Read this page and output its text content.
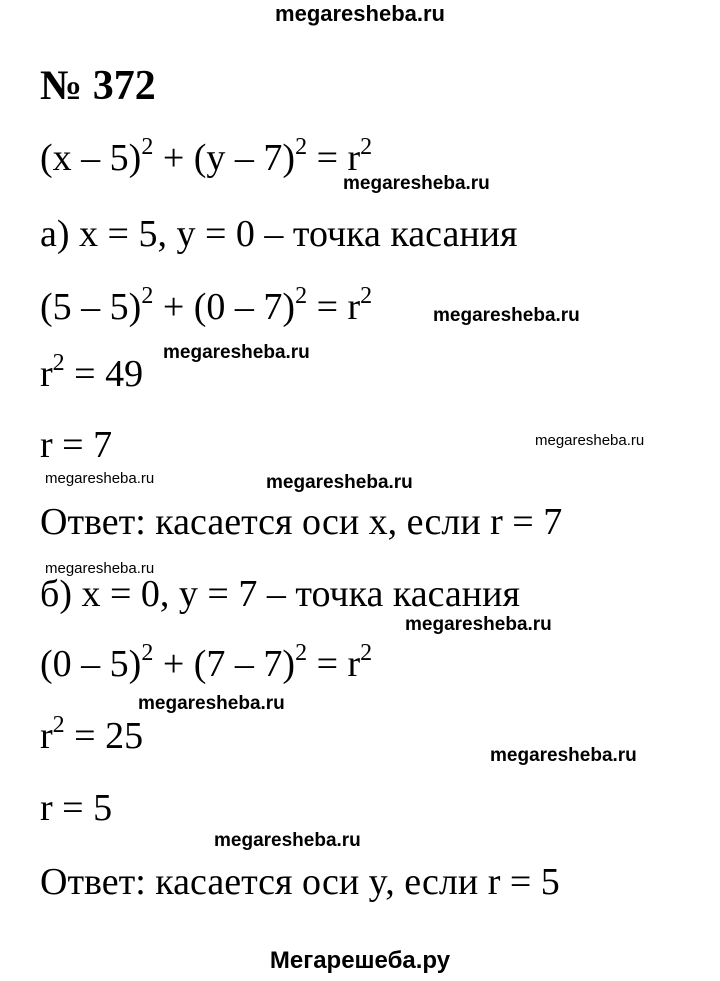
megaresheba.ru
№ 372
$(x - 5)^2 + (y - 7)^2 = r^2$
а) x = 5, y = 0 – точка касания
$(5 - 5)^2 + (0 - 7)^2 = r^2$
$r^2 = 49$
r = 7
Ответ: касается оси x, если r = 7
б) x = 0, y = 7 – точка касания
$(0 - 5)^2 + (7 - 7)^2 = r^2$
$r^2 = 25$
r = 5
Ответ: касается оси y, если r = 5
megaresheba.ru
megaresheba.ru
megaresheba.ru
megaresheba.ru
megaresheba.ru	megaresheba.ru
megaresheba.ru
megaresheba.ru
megaresheba.ru
megaresheba.ru
megaresheba.ru
Мегарешеба.ру
